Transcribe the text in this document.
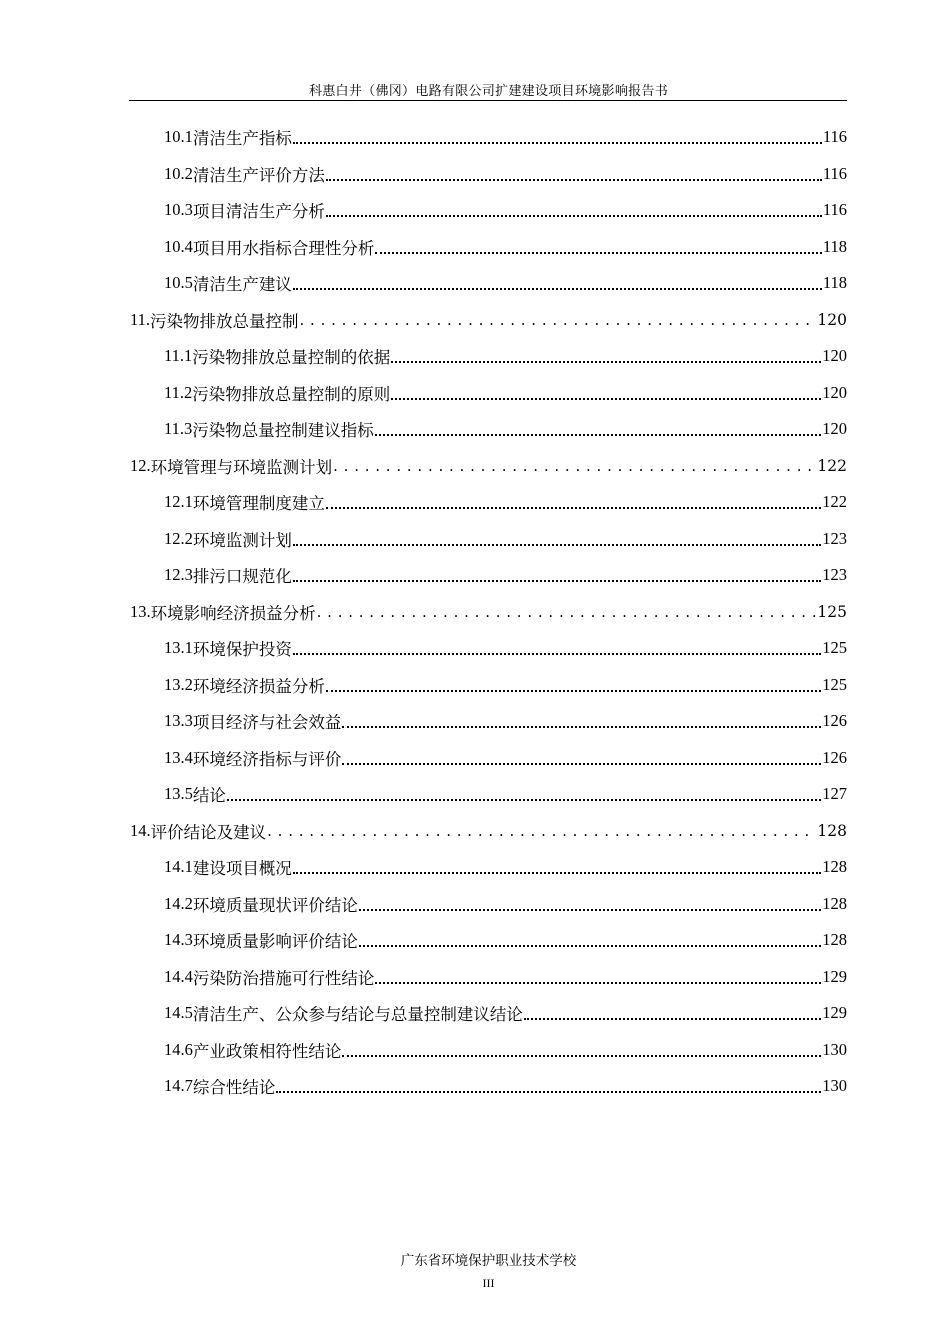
科惠白井（佛冈）电路有限公司扩建建设项目环境影响报告书
10.1 清洁生产指标	116
10.2 清洁生产评价方法	116
10.3 项目清洁生产分析	116
10.4 项目用水指标合理性分析	118
10.5 清洁生产建议	118
11. 污染物排放总量控制 . . .	120
11.1 污染物排放总量控制的依据	120
11.2 污染物排放总量控制的原则	120
11.3 污染物总量控制建议指标	120
12. 环境管理与环境监测计划 . . .	122
12.1 环境管理制度建立	122
12.2 环境监测计划	123
12.3 排污口规范化	123
13. 环境影响经济损益分析 . . .	125
13.1 环境保护投资	125
13.2 环境经济损益分析	125
13.3 项目经济与社会效益	126
13.4 环境经济指标与评价	126
13.5 结论	127
14. 评价结论及建议 . . .	128
14.1 建设项目概况	128
14.2 环境质量现状评价结论	128
14.3 环境质量影响评价结论	128
14.4 污染防治措施可行性结论	129
14.5 清洁生产、公众参与结论与总量控制建议结论	129
14.6 产业政策相符性结论	130
14.7 综合性结论	130
广东省环境保护职业技术学校
III
